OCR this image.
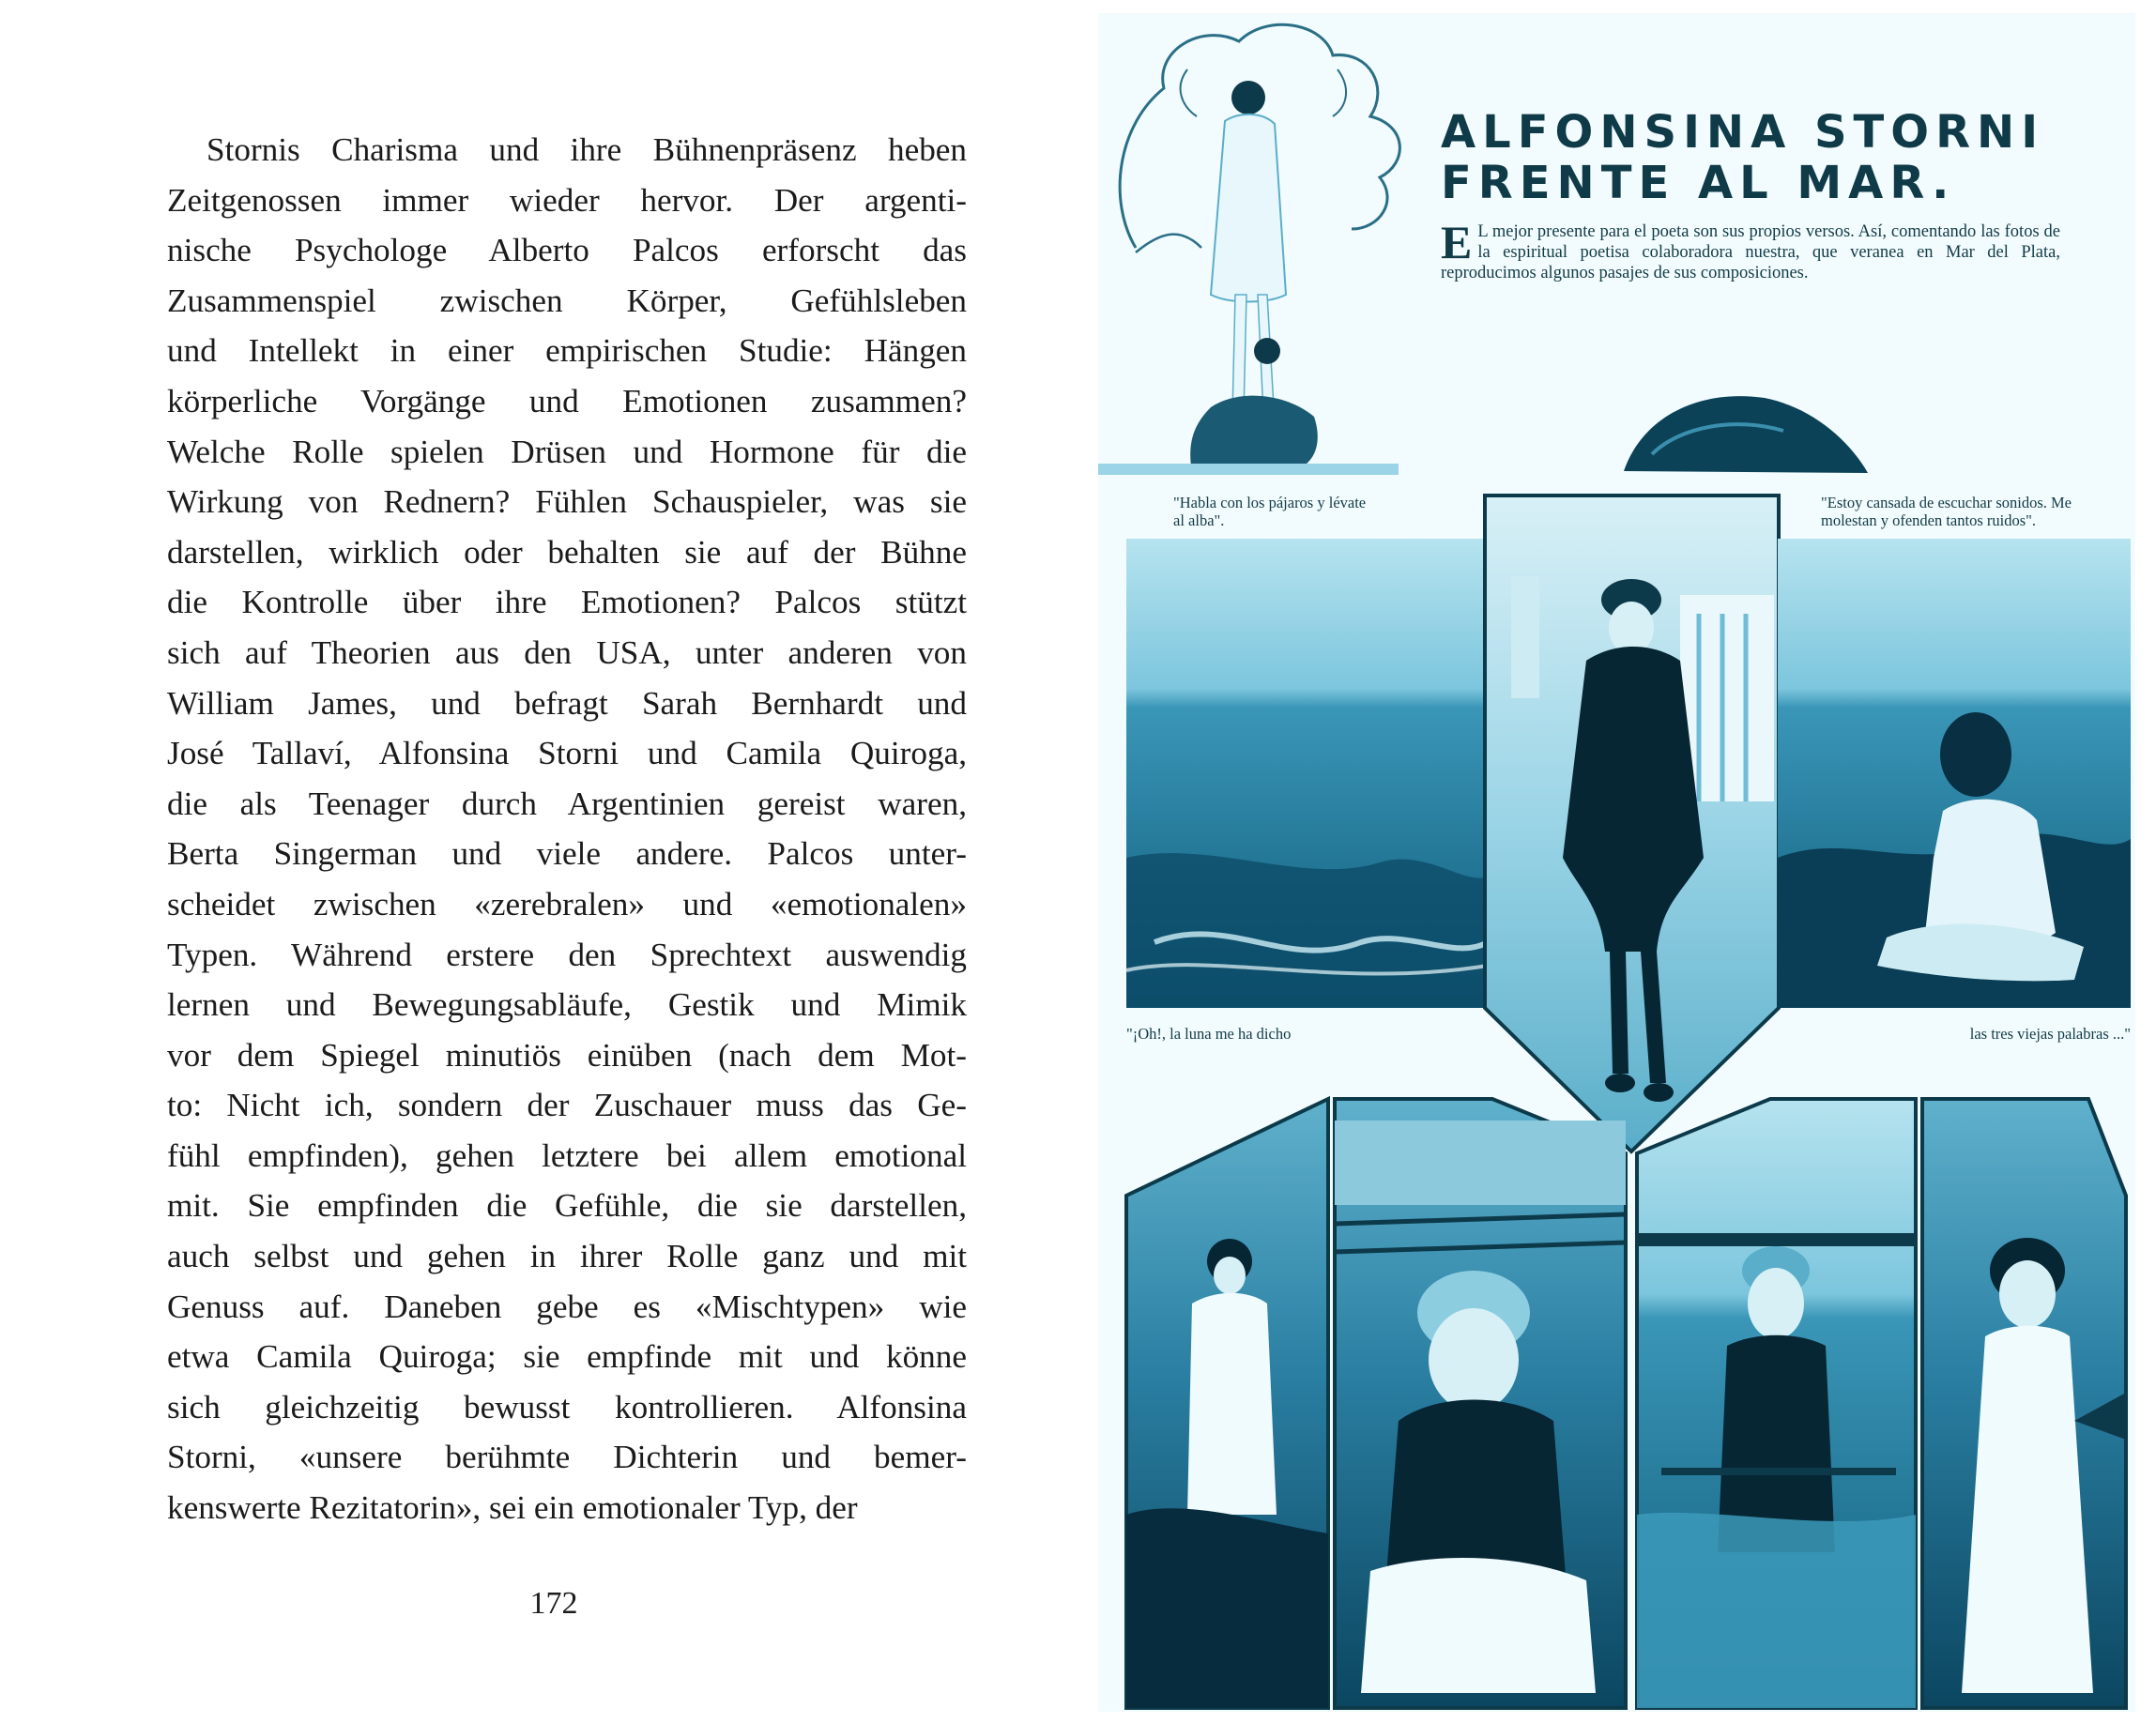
Stornis Charisma und ihre Bühnenpräsenz heben
Zeitgenossen immer wieder hervor. Der argenti-
nische Psychologe Alberto Palcos erforscht das
Zusammenspiel zwischen Körper, Gefühlsleben
und Intellekt in einer empirischen Studie: Hängen
körperliche Vorgänge und Emotionen zusammen?
Welche Rolle spielen Drüsen und Hormone für die
Wirkung von Rednern? Fühlen Schauspieler, was sie
darstellen, wirklich oder behalten sie auf der Bühne
die Kontrolle über ihre Emotionen? Palcos stützt
sich auf Theorien aus den USA, unter anderen von
William James, und befragt Sarah Bernhardt und
José Tallaví, Alfonsina Storni und Camila Quiroga,
die als Teenager durch Argentinien gereist waren,
Berta Singerman und viele andere. Palcos unter-
scheidet zwischen «zerebralen» und «emotionalen»
Typen. Während erstere den Sprechtext auswendig
lernen und Bewegungsabläufe, Gestik und Mimik
vor dem Spiegel minutiös einüben (nach dem Mot-
to: Nicht ich, sondern der Zuschauer muss das Ge-
fühl empfinden), gehen letztere bei allem emotional
mit. Sie empfinden die Gefühle, die sie darstellen,
auch selbst und gehen in ihrer Rolle ganz und mit
Genuss auf. Daneben gebe es «Mischtypen» wie
etwa Camila Quiroga; sie empfinde mit und könne
sich gleichzeitig bewusst kontrollieren. Alfonsina
Storni, «unsere berühmte Dichterin und bemer-
kenswerte Rezitatorin», sei ein emotionaler Typ, der
172
ALFONSINA STORNI
FRENTE AL MAR.
E L mejor presente para el poeta son sus propios versos. Así, comentando las fotos de la espiritual poetisa colaboradora nuestra, que veranea en Mar del Plata, reproducimos algunos pasajes de sus composiciones.
"Habla con los pájaros y lévate al alba".
"Estoy cansada de escuchar sonidos. Me molestan y ofenden tantos ruidos".
"¡Oh!, la luna me ha dicho	las tres viejas palabras ..."
